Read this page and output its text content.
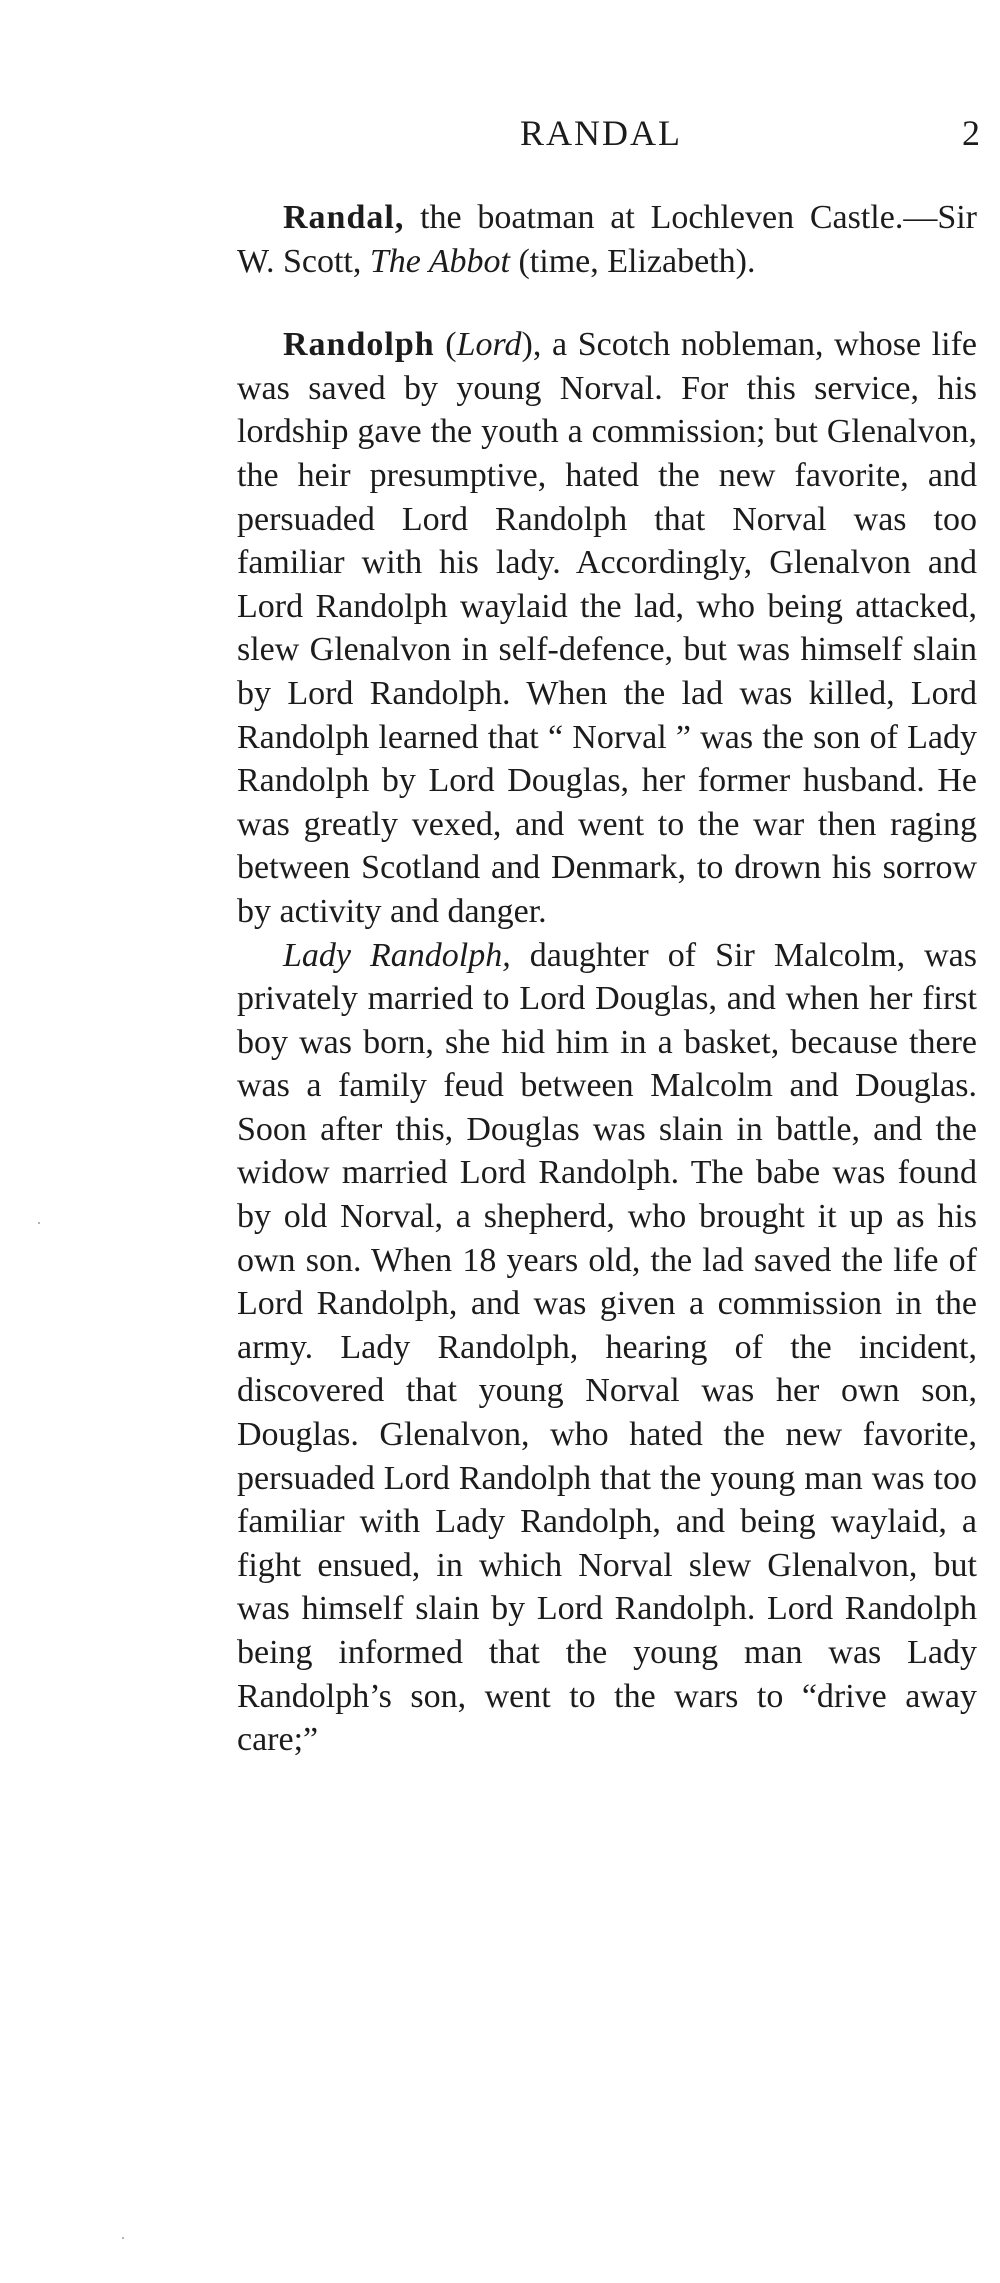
RANDAL	2

Randal, the boatman at Lochleven Castle.—Sir W. Scott, The Abbot (time, Elizabeth).

Randolph (Lord), a Scotch nobleman, whose life was saved by young Norval. For this service, his lordship gave the youth a commission; but Glenalvon, the heir presumptive, hated the new favorite, and persuaded Lord Randolph that Norval was too familiar with his lady. Accordingly, Glenalvon and Lord Randolph waylaid the lad, who being attacked, slew Glenalvon in self-defence, but was himself slain by Lord Randolph. When the lad was killed, Lord Randolph learned that “ Norval ” was the son of Lady Randolph by Lord Douglas, her former husband. He was greatly vexed, and went to the war then raging between Scotland and Denmark, to drown his sorrow by activity and danger.

Lady Randolph, daughter of Sir Malcolm, was privately married to Lord Douglas, and when her first boy was born, she hid him in a basket, because there was a family feud between Malcolm and Douglas. Soon after this, Douglas was slain in battle, and the widow married Lord Randolph. The babe was found by old Norval, a shepherd, who brought it up as his own son. When 18 years old, the lad saved the life of Lord Randolph, and was given a commission in the army. Lady Randolph, hearing of the incident, discovered that young Norval was her own son, Douglas. Glenalvon, who hated the new favorite, persuaded Lord Randolph that the young man was too familiar with Lady Randolph, and being waylaid, a fight ensued, in which Norval slew Glenalvon, but was himself slain by Lord Randolph. Lord Randolph being informed that the young man was Lady Randolph’s son, went to the wars to “drive away care;”
